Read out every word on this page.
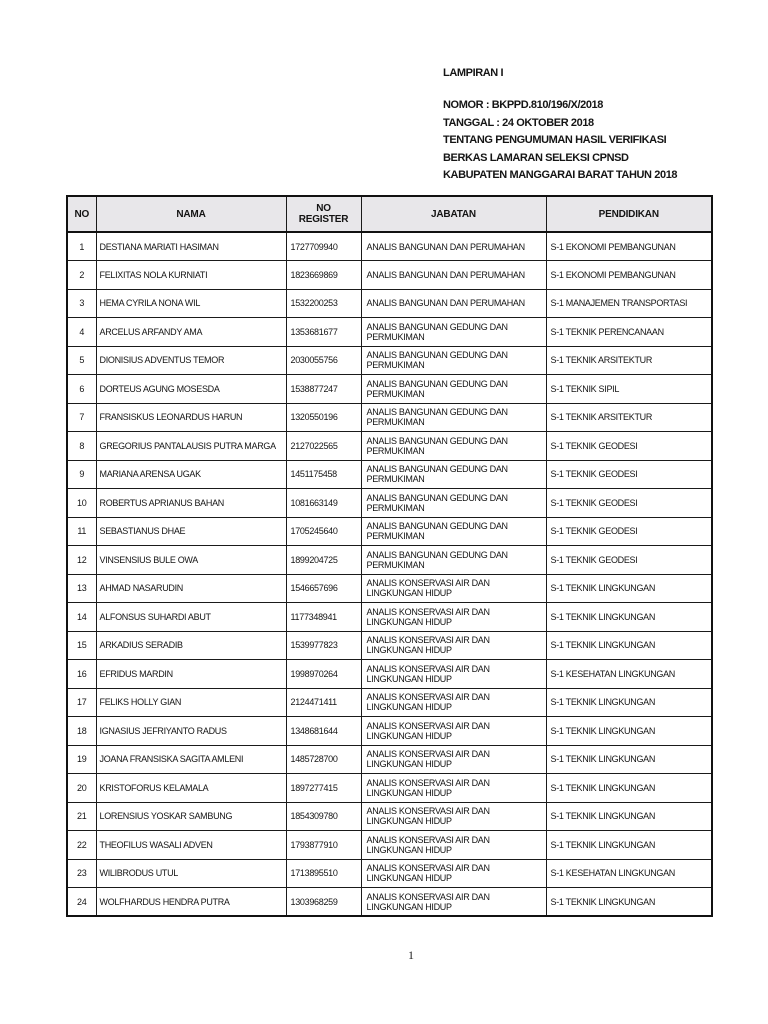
LAMPIRAN I
NOMOR : BKPPD.810/196/X/2018
TANGGAL : 24 OKTOBER 2018
TENTANG PENGUMUMAN HASIL VERIFIKASI
BERKAS LAMARAN SELEKSI CPNSD
KABUPATEN MANGGARAI BARAT TAHUN 2018
NO	NAMA	NO REGISTER	JABATAN	PENDIDIKAN
1	DESTIANA MARIATI HASIMAN	1727709940	ANALIS BANGUNAN DAN PERUMAHAN	S-1 EKONOMI PEMBANGUNAN
2	FELIXITAS NOLA KURNIATI	1823669869	ANALIS BANGUNAN DAN PERUMAHAN	S-1 EKONOMI PEMBANGUNAN
3	HEMA CYRILA NONA WIL	1532200253	ANALIS BANGUNAN DAN PERUMAHAN	S-1 MANAJEMEN TRANSPORTASI
4	ARCELUS ARFANDY AMA	1353681677	ANALIS BANGUNAN GEDUNG DAN PERMUKIMAN	S-1 TEKNIK PERENCANAAN
5	DIONISIUS ADVENTUS TEMOR	2030055756	ANALIS BANGUNAN GEDUNG DAN PERMUKIMAN	S-1 TEKNIK ARSITEKTUR
6	DORTEUS AGUNG MOSESDA	1538877247	ANALIS BANGUNAN GEDUNG DAN PERMUKIMAN	S-1 TEKNIK SIPIL
7	FRANSISKUS LEONARDUS HARUN	1320550196	ANALIS BANGUNAN GEDUNG DAN PERMUKIMAN	S-1 TEKNIK ARSITEKTUR
8	GREGORIUS PANTALAUSIS PUTRA MARGA	2127022565	ANALIS BANGUNAN GEDUNG DAN PERMUKIMAN	S-1 TEKNIK GEODESI
9	MARIANA ARENSA UGAK	1451175458	ANALIS BANGUNAN GEDUNG DAN PERMUKIMAN	S-1 TEKNIK GEODESI
10	ROBERTUS APRIANUS BAHAN	1081663149	ANALIS BANGUNAN GEDUNG DAN PERMUKIMAN	S-1 TEKNIK GEODESI
11	SEBASTIANUS DHAE	1705245640	ANALIS BANGUNAN GEDUNG DAN PERMUKIMAN	S-1 TEKNIK GEODESI
12	VINSENSIUS BULE OWA	1899204725	ANALIS BANGUNAN GEDUNG DAN PERMUKIMAN	S-1 TEKNIK GEODESI
13	AHMAD NASARUDIN	1546657696	ANALIS KONSERVASI AIR DAN LINGKUNGAN HIDUP	S-1 TEKNIK LINGKUNGAN
14	ALFONSUS SUHARDI ABUT	1177348941	ANALIS KONSERVASI AIR DAN LINGKUNGAN HIDUP	S-1 TEKNIK LINGKUNGAN
15	ARKADIUS SERADIB	1539977823	ANALIS KONSERVASI AIR DAN LINGKUNGAN HIDUP	S-1 TEKNIK LINGKUNGAN
16	EFRIDUS MARDIN	1998970264	ANALIS KONSERVASI AIR DAN LINGKUNGAN HIDUP	S-1 KESEHATAN LINGKUNGAN
17	FELIKS HOLLY GIAN	2124471411	ANALIS KONSERVASI AIR DAN LINGKUNGAN HIDUP	S-1 TEKNIK LINGKUNGAN
18	IGNASIUS JEFRIYANTO RADUS	1348681644	ANALIS KONSERVASI AIR DAN LINGKUNGAN HIDUP	S-1 TEKNIK LINGKUNGAN
19	JOANA FRANSISKA SAGITA AMLENI	1485728700	ANALIS KONSERVASI AIR DAN LINGKUNGAN HIDUP	S-1 TEKNIK LINGKUNGAN
20	KRISTOFORUS KELAMALA	1897277415	ANALIS KONSERVASI AIR DAN LINGKUNGAN HIDUP	S-1 TEKNIK LINGKUNGAN
21	LORENSIUS YOSKAR SAMBUNG	1854309780	ANALIS KONSERVASI AIR DAN LINGKUNGAN HIDUP	S-1 TEKNIK LINGKUNGAN
22	THEOFILUS WASALI ADVEN	1793877910	ANALIS KONSERVASI AIR DAN LINGKUNGAN HIDUP	S-1 TEKNIK LINGKUNGAN
23	WILIBRODUS UTUL	1713895510	ANALIS KONSERVASI AIR DAN LINGKUNGAN HIDUP	S-1 KESEHATAN LINGKUNGAN
24	WOLFHARDUS HENDRA PUTRA	1303968259	ANALIS KONSERVASI AIR DAN LINGKUNGAN HIDUP	S-1 TEKNIK LINGKUNGAN
1
